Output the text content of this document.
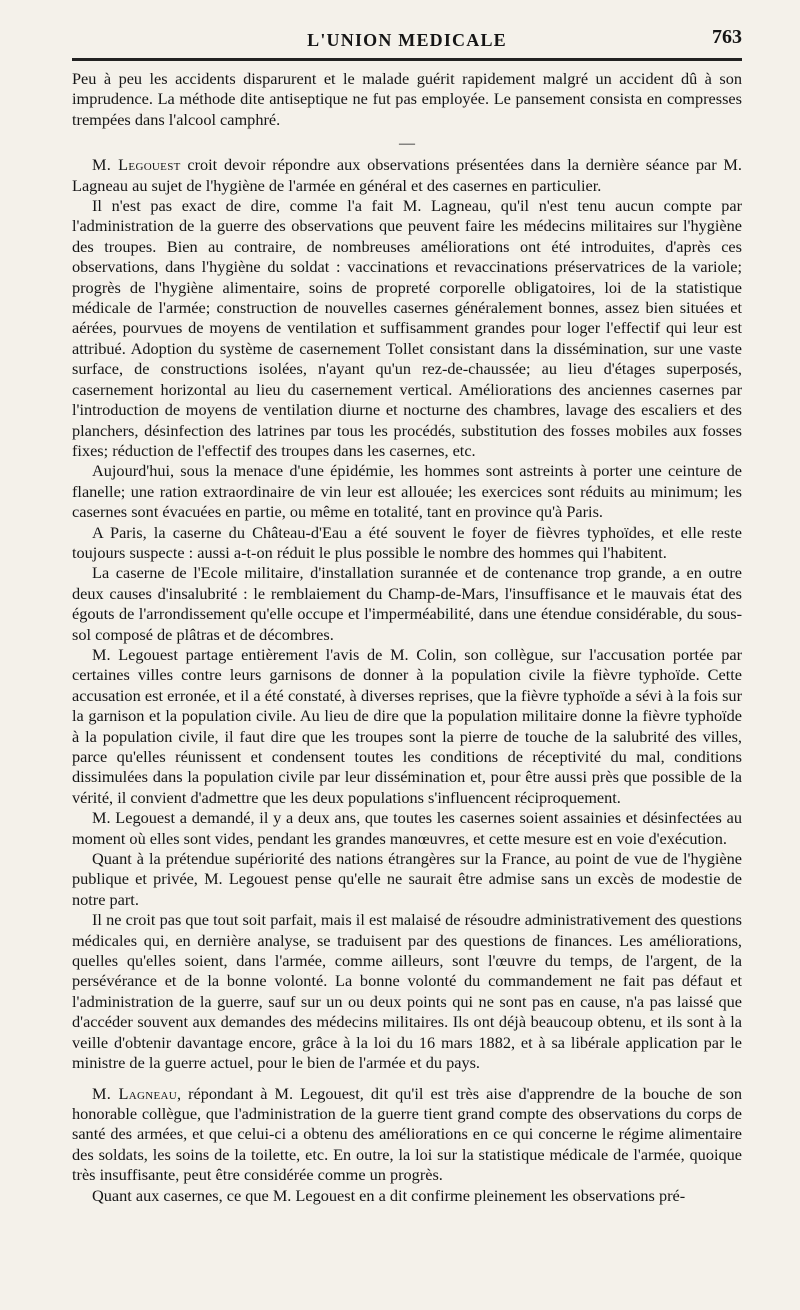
L'UNION MEDICALE	763

Peu à peu les accidents disparurent et le malade guérit rapidement malgré un accident dû à son imprudence. La méthode dite antiseptique ne fut pas employée. Le pansement consista en compresses trempées dans l'alcool camphré.

—

M. Legouest croit devoir répondre aux observations présentées dans la dernière séance par M. Lagneau au sujet de l'hygiène de l'armée en général et des casernes en particulier.

Il n'est pas exact de dire, comme l'a fait M. Lagneau, qu'il n'est tenu aucun compte par l'administration de la guerre des observations que peuvent faire les médecins militaires sur l'hygiène des troupes. Bien au contraire, de nombreuses améliorations ont été introduites, d'après ces observations, dans l'hygiène du soldat : vaccinations et revaccinations préservatrices de la variole; progrès de l'hygiène alimentaire, soins de propreté corporelle obligatoires, loi de la statistique médicale de l'armée; construction de nouvelles casernes généralement bonnes, assez bien situées et aérées, pourvues de moyens de ventilation et suffisamment grandes pour loger l'effectif qui leur est attribué. Adoption du système de casernement Tollet consistant dans la dissémination, sur une vaste surface, de constructions isolées, n'ayant qu'un rez-de-chaussée; au lieu d'étages superposés, casernement horizontal au lieu du casernement vertical. Améliorations des anciennes casernes par l'introduction de moyens de ventilation diurne et nocturne des chambres, lavage des escaliers et des planchers, désinfection des latrines par tous les procédés, substitution des fosses mobiles aux fosses fixes; réduction de l'effectif des troupes dans les casernes, etc.

Aujourd'hui, sous la menace d'une épidémie, les hommes sont astreints à porter une ceinture de flanelle; une ration extraordinaire de vin leur est allouée; les exercices sont réduits au minimum; les casernes sont évacuées en partie, ou même en totalité, tant en province qu'à Paris.

A Paris, la caserne du Château-d'Eau a été souvent le foyer de fièvres typhoïdes, et elle reste toujours suspecte : aussi a-t-on réduit le plus possible le nombre des hommes qui l'habitent.

La caserne de l'Ecole militaire, d'installation surannée et de contenance trop grande, a en outre deux causes d'insalubrité : le remblaiement du Champ-de-Mars, l'insuffisance et le mauvais état des égouts de l'arrondissement qu'elle occupe et l'imperméabilité, dans une étendue considérable, du sous-sol composé de plâtras et de décombres.

M. Legouest partage entièrement l'avis de M. Colin, son collègue, sur l'accusation portée par certaines villes contre leurs garnisons de donner à la population civile la fièvre typhoïde. Cette accusation est erronée, et il a été constaté, à diverses reprises, que la fièvre typhoïde a sévi à la fois sur la garnison et la population civile. Au lieu de dire que la population militaire donne la fièvre typhoïde à la population civile, il faut dire que les troupes sont la pierre de touche de la salubrité des villes, parce qu'elles réunissent et condensent toutes les conditions de réceptivité du mal, conditions dissimulées dans la population civile par leur dissémination et, pour être aussi près que possible de la vérité, il convient d'admettre que les deux populations s'influencent réciproquement.

M. Legouest a demandé, il y a deux ans, que toutes les casernes soient assainies et désinfectées au moment où elles sont vides, pendant les grandes manœuvres, et cette mesure est en voie d'exécution.

Quant à la prétendue supériorité des nations étrangères sur la France, au point de vue de l'hygiène publique et privée, M. Legouest pense qu'elle ne saurait être admise sans un excès de modestie de notre part.

Il ne croit pas que tout soit parfait, mais il est malaisé de résoudre administrativement des questions médicales qui, en dernière analyse, se traduisent par des questions de finances. Les améliorations, quelles qu'elles soient, dans l'armée, comme ailleurs, sont l'œuvre du temps, de l'argent, de la persévérance et de la bonne volonté. La bonne volonté du commandement ne fait pas défaut et l'administration de la guerre, sauf sur un ou deux points qui ne sont pas en cause, n'a pas laissé que d'accéder souvent aux demandes des médecins militaires. Ils ont déjà beaucoup obtenu, et ils sont à la veille d'obtenir davantage encore, grâce à la loi du 16 mars 1882, et à sa libérale application par le ministre de la guerre actuel, pour le bien de l'armée et du pays.

M. Lagneau, répondant à M. Legouest, dit qu'il est très aise d'apprendre de la bouche de son honorable collègue, que l'administration de la guerre tient grand compte des observations du corps de santé des armées, et que celui-ci a obtenu des améliorations en ce qui concerne le régime alimentaire des soldats, les soins de la toilette, etc. En outre, la loi sur la statistique médicale de l'armée, quoique très insuffisante, peut être considérée comme un progrès.

Quant aux casernes, ce que M. Legouest en a dit confirme pleinement les observations pré-
